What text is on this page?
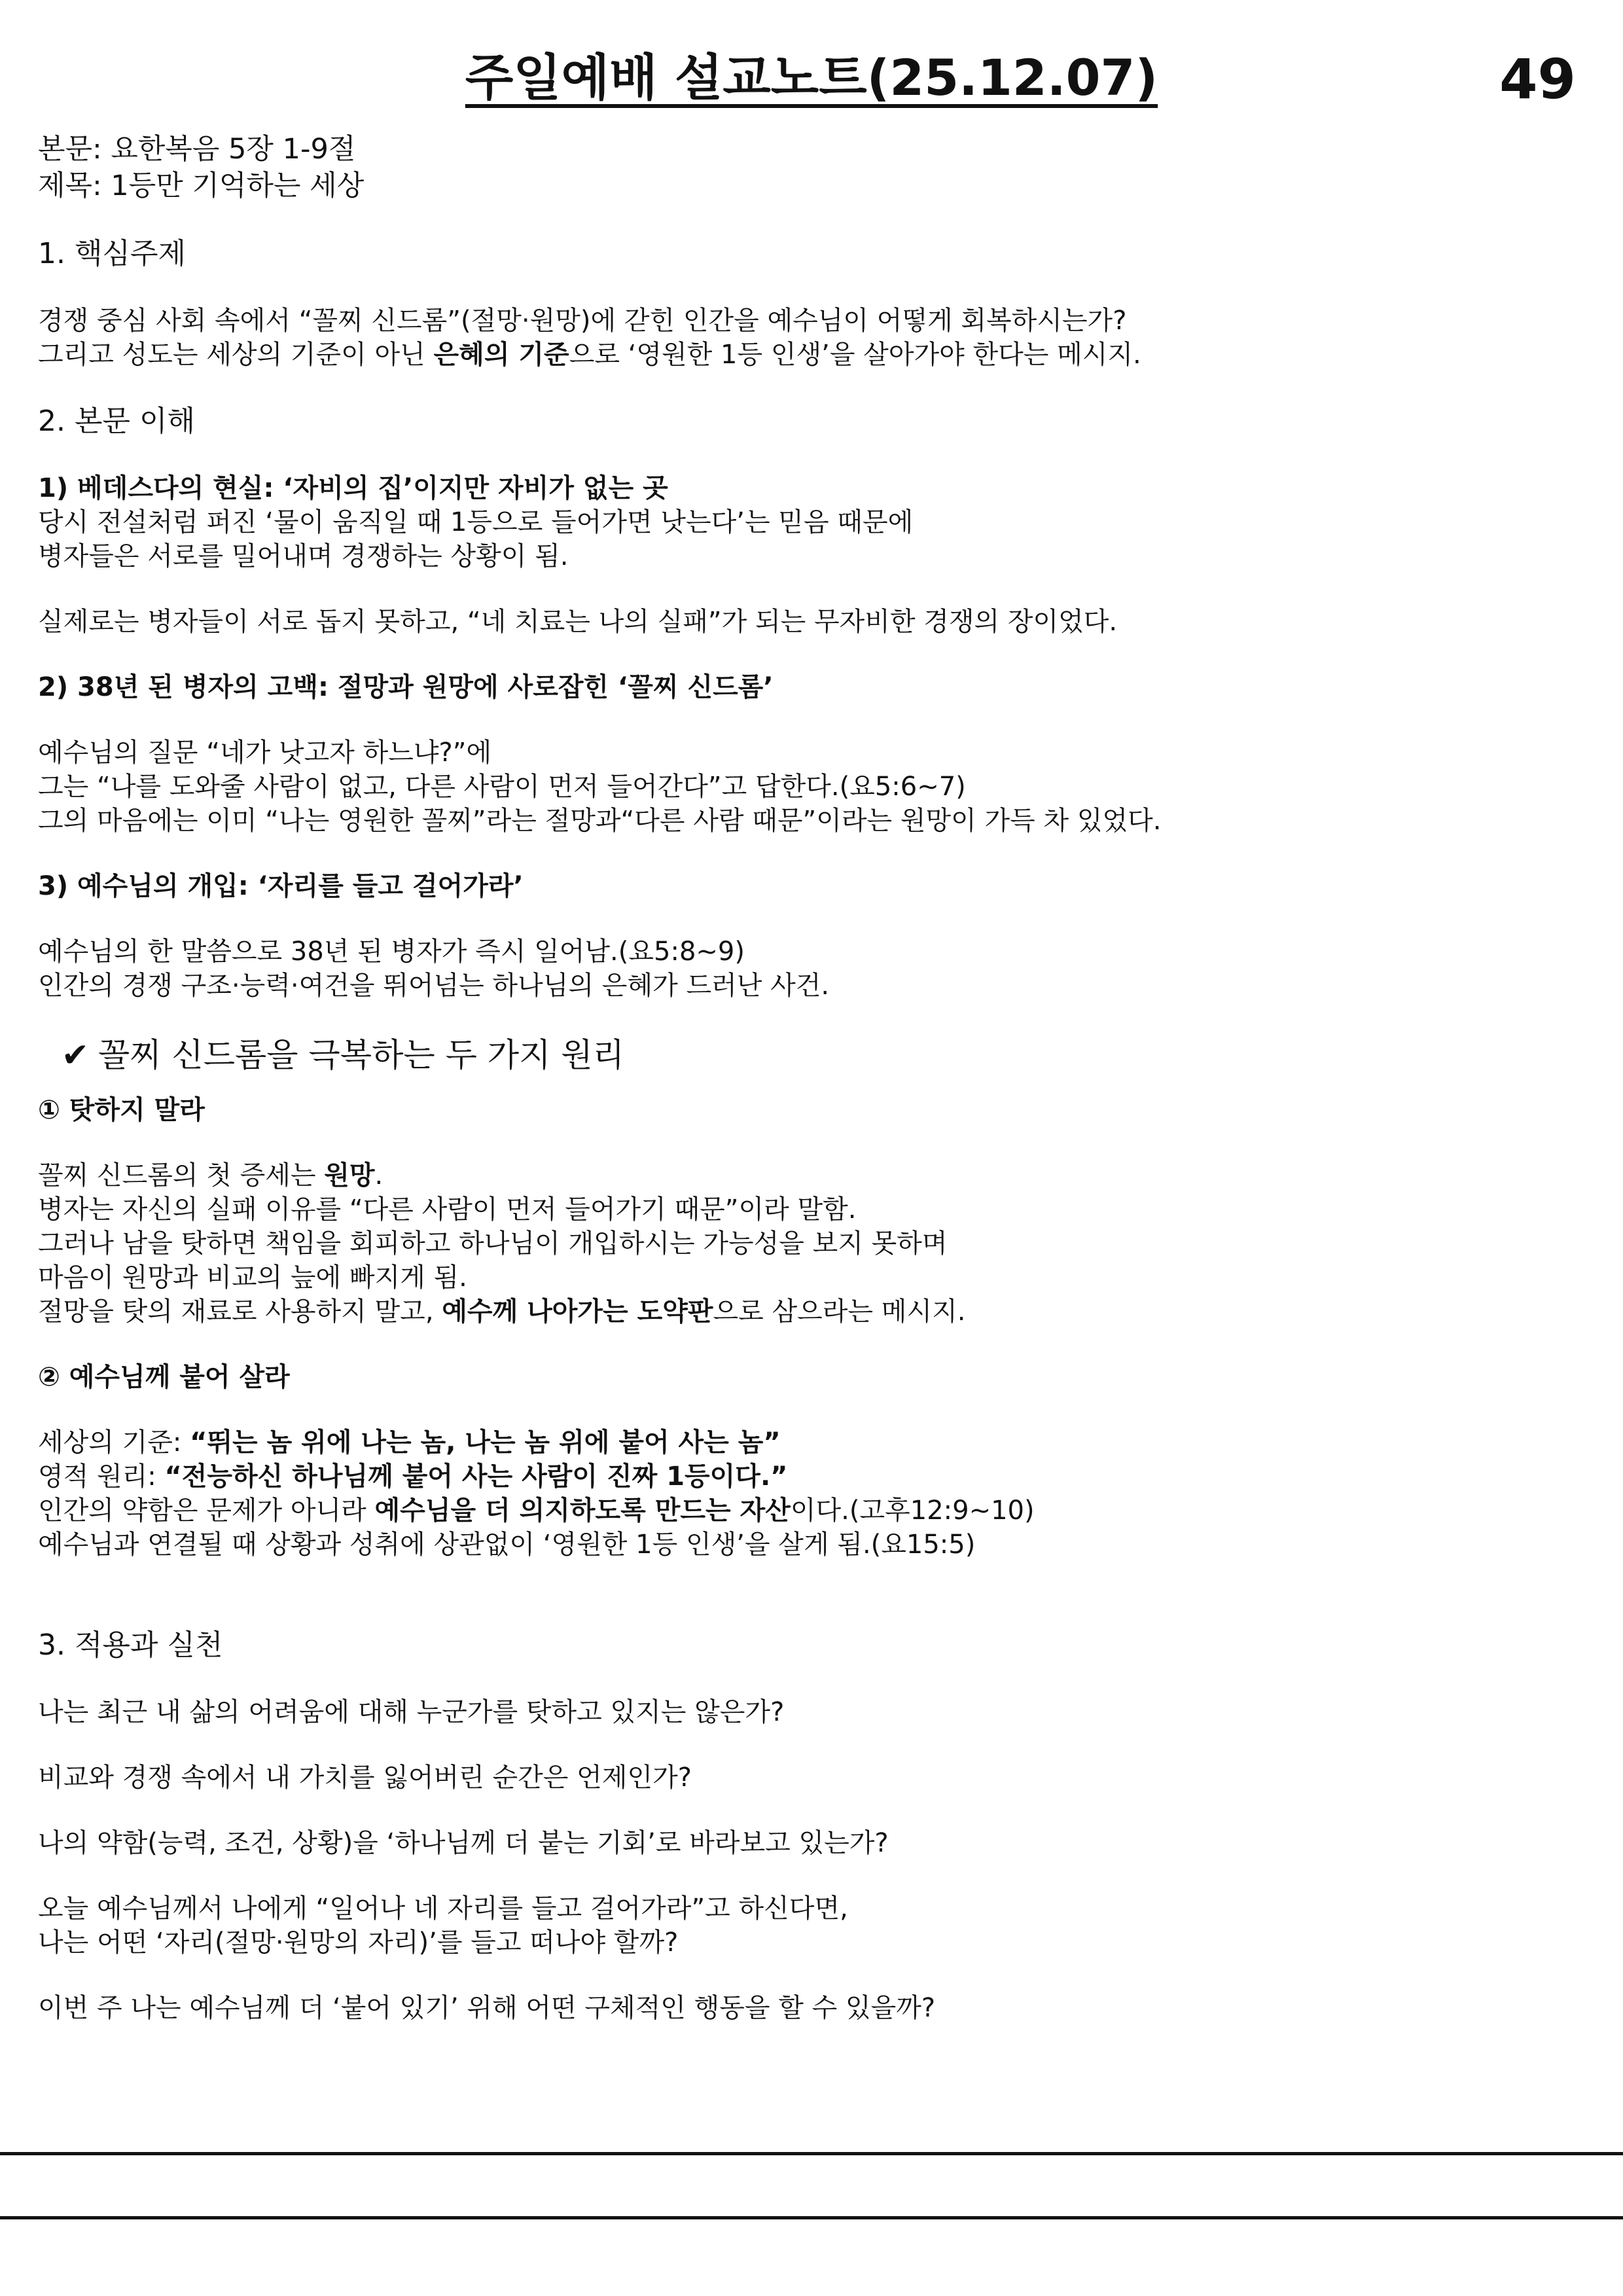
주일예배 설교노트(25.12.07)	49

본문: 요한복음 5장 1-9절

제목: 1등만 기억하는 세상

1. 핵심주제

경쟁 중심 사회 속에서 “꼴찌 신드롬”(절망·원망)에 갇힌 인간을 예수님이 어떻게 회복하시는가?

그리고 성도는 세상의 기준이 아닌 은혜의 기준으로 ‘영원한 1등 인생’을 살아가야 한다는 메시지.

2. 본문 이해
1) 베데스다의 현실: ‘자비의 집’이지만 자비가 없는 곳

당시 전설처럼 퍼진 ‘물이 움직일 때 1등으로 들어가면 낫는다’는 믿음 때문에

병자들은 서로를 밀어내며 경쟁하는 상황이 됨.

실제로는 병자들이 서로 돕지 못하고, “네 치료는 나의 실패”가 되는 무자비한 경쟁의 장이었다.

2) 38년 된 병자의 고백: 절망과 원망에 사로잡힌 ‘꼴찌 신드롬’

예수님의 질문 “네가 낫고자 하느냐?”에

그는 “나를 도와줄 사람이 없고, 다른 사람이 먼저 들어간다”고 답한다.(요5:6~7)

그의 마음에는 이미 “나는 영원한 꼴찌”라는 절망과“다른 사람 때문”이라는 원망이 가득 차 있었다.

3) 예수님의 개입: ‘자리를 들고 걸어가라’

예수님의 한 말씀으로 38년 된 병자가 즉시 일어남.(요5:8~9)

인간의 경쟁 구조·능력·여건을 뛰어넘는 하나님의 은혜가 드러난 사건.

✔ 꼴찌 신드롬을 극복하는 두 가지 원리
① 탓하지 말라

꼴찌 신드롬의 첫 증세는 원망.

병자는 자신의 실패 이유를 “다른 사람이 먼저 들어가기 때문”이라 말함.

그러나 남을 탓하면 책임을 회피하고 하나님이 개입하시는 가능성을 보지 못하며

마음이 원망과 비교의 늪에 빠지게 됨.

절망을 탓의 재료로 사용하지 말고, 예수께 나아가는 도약판으로 삼으라는 메시지.

② 예수님께 붙어 살라

세상의 기준: “뛰는 놈 위에 나는 놈, 나는 놈 위에 붙어 사는 놈”

영적 원리: “전능하신 하나님께 붙어 사는 사람이 진짜 1등이다.”

인간의 약함은 문제가 아니라 예수님을 더 의지하도록 만드는 자산이다.(고후12:9~10)

예수님과 연결될 때 상황과 성취에 상관없이 ‘영원한 1등 인생’을 살게 됨.(요15:5)

3. 적용과 실천

나는 최근 내 삶의 어려움에 대해 누군가를 탓하고 있지는 않은가?

비교와 경쟁 속에서 내 가치를 잃어버린 순간은 언제인가?

나의 약함(능력, 조건, 상황)을 ‘하나님께 더 붙는 기회’로 바라보고 있는가?

오늘 예수님께서 나에게 “일어나 네 자리를 들고 걸어가라”고 하신다면,

나는 어떤 ‘자리(절망·원망의 자리)’를 들고 떠나야 할까?

이번 주 나는 예수님께 더 ‘붙어 있기’ 위해 어떤 구체적인 행동을 할 수 있을까?
